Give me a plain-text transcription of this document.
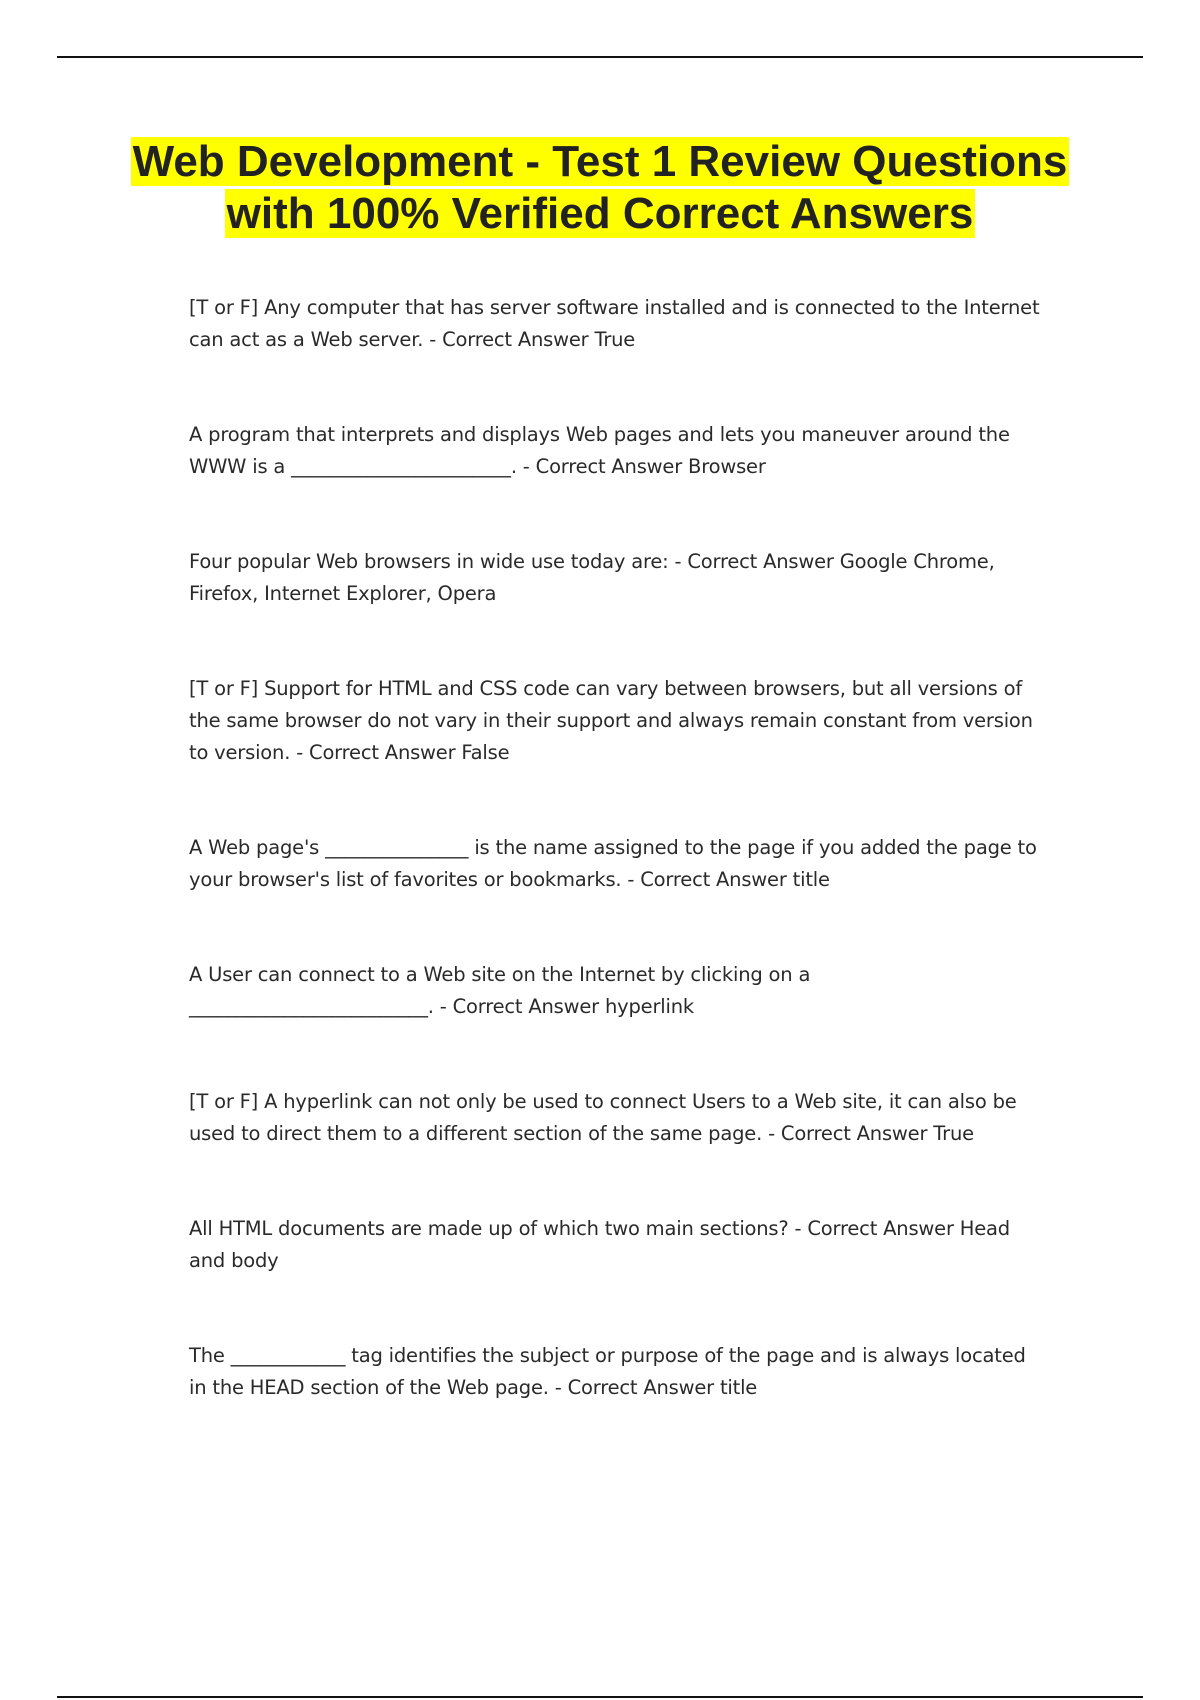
Web Development - Test 1 Review Questions with 100% Verified Correct Answers
[T or F] Any computer that has server software installed and is connected to the Internet can act as a Web server. - Correct Answer True
A program that interprets and displays Web pages and lets you maneuver around the WWW is a _______________________. - Correct Answer Browser
Four popular Web browsers in wide use today are: - Correct Answer Google Chrome, Firefox, Internet Explorer, Opera
[T or F] Support for HTML and CSS code can vary between browsers, but all versions of the same browser do not vary in their support and always remain constant from version to version. - Correct Answer False
A Web page's _______________ is the name assigned to the page if you added the page to your browser's list of favorites or bookmarks. - Correct Answer title
A User can connect to a Web site on the Internet by clicking on a _________________________. - Correct Answer hyperlink
[T or F] A hyperlink can not only be used to connect Users to a Web site, it can also be used to direct them to a different section of the same page. - Correct Answer True
All HTML documents are made up of which two main sections? - Correct Answer Head and body
The ____________ tag identifies the subject or purpose of the page and is always located in the HEAD section of the Web page. - Correct Answer title
